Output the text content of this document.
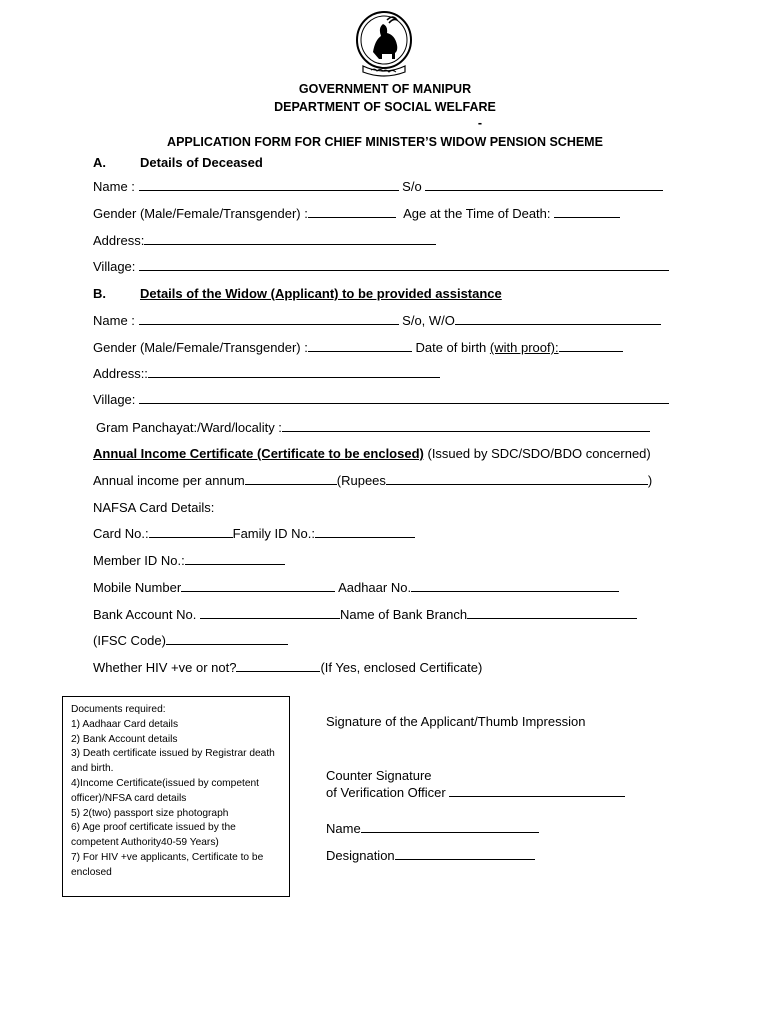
GOVERNMENT OF MANIPUR
DEPARTMENT OF SOCIAL WELFARE
-
APPLICATION FORM FOR CHIEF MINISTER’S WIDOW PENSION SCHEME
A.	Details of Deceased
Name :	S/o
Gender (Male/Female/Transgender) :	Age at the Time of Death:
Address:
Village:
B.	Details of the Widow (Applicant) to be provided assistance
Name :	S/o, W/O
Gender (Male/Female/Transgender) :	Date of birth (with proof):
Address::
Village:
Gram Panchayat:/Ward/locality :
Annual Income Certificate (Certificate to be enclosed) (Issued by SDC/SDO/BDO concerned)
Annual income per annum	(Rupees	)
NAFSA Card Details:
Card No.:	Family ID No.:
Member ID No.:
Mobile Number	Aadhaar No.
Bank Account No.	Name of Bank Branch
(IFSC Code)
Whether HIV +ve or not?	(If Yes, enclosed Certificate)
Documents required:
1) Aadhaar Card details
2) Bank Account details
3) Death certificate issued by Registrar death and birth.
4)Income Certificate(issued by competent officer)/NFSA card details
5) 2(two) passport size photograph
6) Age proof certificate issued by the competent Authority40-59 Years)
7) For HIV +ve applicants, Certificate to be enclosed
Signature of the Applicant/Thumb Impression
Counter Signature
of Verification Officer
Name
Designation
